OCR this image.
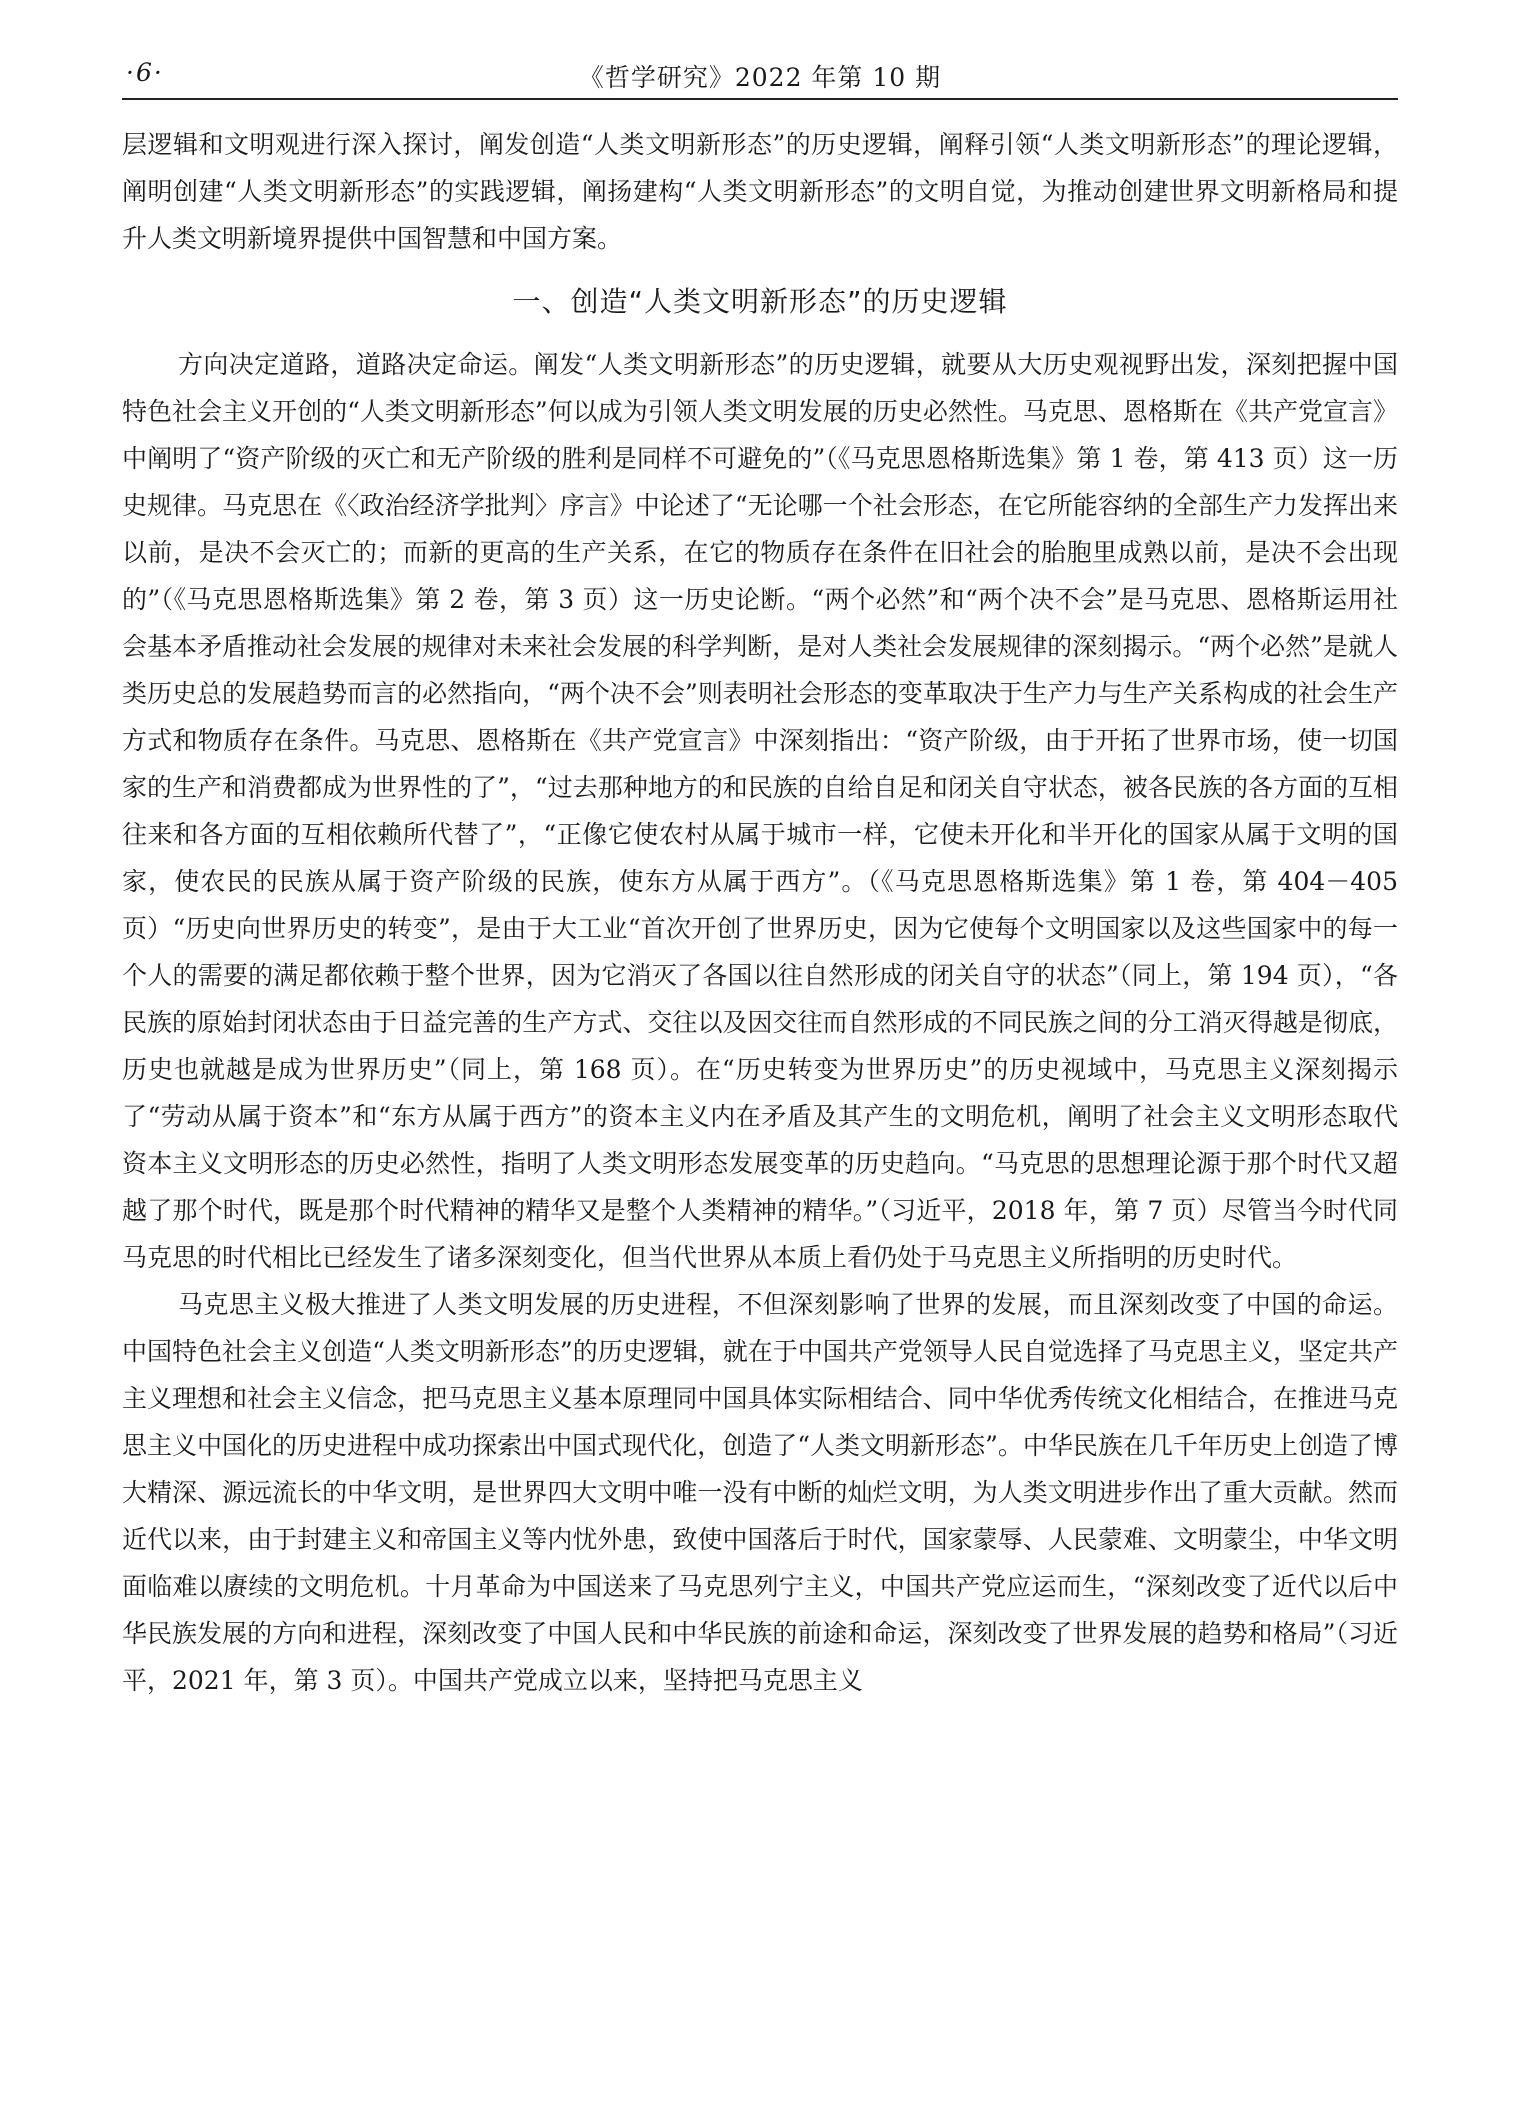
·6·	《哲学研究》2022 年第 10 期

层逻辑和文明观进行深入探讨，阐发创造“人类文明新形态”的历史逻辑，阐释引领“人类文明新形态”的理论逻辑，阐明创建“人类文明新形态”的实践逻辑，阐扬建构“人类文明新形态”的文明自觉，为推动创建世界文明新格局和提升人类文明新境界提供中国智慧和中国方案。

一、创造“人类文明新形态”的历史逻辑

方向决定道路，道路决定命运。阐发“人类文明新形态”的历史逻辑，就要从大历史观视野出发，深刻把握中国特色社会主义开创的“人类文明新形态”何以成为引领人类文明发展的历史必然性。马克思、恩格斯在《共产党宣言》中阐明了“资产阶级的灭亡和无产阶级的胜利是同样不可避免的”（《马克思恩格斯选集》第 1 卷，第 413 页）这一历史规律。马克思在《〈政治经济学批判〉序言》中论述了“无论哪一个社会形态，在它所能容纳的全部生产力发挥出来以前，是决不会灭亡的；而新的更高的生产关系，在它的物质存在条件在旧社会的胎胞里成熟以前，是决不会出现的”（《马克思恩格斯选集》第 2 卷，第 3 页）这一历史论断。“两个必然”和“两个决不会”是马克思、恩格斯运用社会基本矛盾推动社会发展的规律对未来社会发展的科学判断，是对人类社会发展规律的深刻揭示。“两个必然”是就人类历史总的发展趋势而言的必然指向，“两个决不会”则表明社会形态的变革取决于生产力与生产关系构成的社会生产方式和物质存在条件。马克思、恩格斯在《共产党宣言》中深刻指出：“资产阶级，由于开拓了世界市场，使一切国家的生产和消费都成为世界性的了”，“过去那种地方的和民族的自给自足和闭关自守状态，被各民族的各方面的互相往来和各方面的互相依赖所代替了”，“正像它使农村从属于城市一样，它使未开化和半开化的国家从属于文明的国家，使农民的民族从属于资产阶级的民族，使东方从属于西方”。（《马克思恩格斯选集》第 1 卷，第 404－405 页）“历史向世界历史的转变”，是由于大工业“首次开创了世界历史，因为它使每个文明国家以及这些国家中的每一个人的需要的满足都依赖于整个世界，因为它消灭了各国以往自然形成的闭关自守的状态”（同上，第 194 页），“各民族的原始封闭状态由于日益完善的生产方式、交往以及因交往而自然形成的不同民族之间的分工消灭得越是彻底，历史也就越是成为世界历史”（同上，第 168 页）。在“历史转变为世界历史”的历史视域中，马克思主义深刻揭示了“劳动从属于资本”和“东方从属于西方”的资本主义内在矛盾及其产生的文明危机，阐明了社会主义文明形态取代资本主义文明形态的历史必然性，指明了人类文明形态发展变革的历史趋向。“马克思的思想理论源于那个时代又超越了那个时代，既是那个时代精神的精华又是整个人类精神的精华。”（习近平，2018 年，第 7 页）尽管当今时代同马克思的时代相比已经发生了诸多深刻变化，但当代世界从本质上看仍处于马克思主义所指明的历史时代。

马克思主义极大推进了人类文明发展的历史进程，不但深刻影响了世界的发展，而且深刻改变了中国的命运。中国特色社会主义创造“人类文明新形态”的历史逻辑，就在于中国共产党领导人民自觉选择了马克思主义，坚定共产主义理想和社会主义信念，把马克思主义基本原理同中国具体实际相结合、同中华优秀传统文化相结合，在推进马克思主义中国化的历史进程中成功探索出中国式现代化，创造了“人类文明新形态”。中华民族在几千年历史上创造了博大精深、源远流长的中华文明，是世界四大文明中唯一没有中断的灿烂文明，为人类文明进步作出了重大贡献。然而近代以来，由于封建主义和帝国主义等内忧外患，致使中国落后于时代，国家蒙辱、人民蒙难、文明蒙尘，中华文明面临难以赓续的文明危机。十月革命为中国送来了马克思列宁主义，中国共产党应运而生，“深刻改变了近代以后中华民族发展的方向和进程，深刻改变了中国人民和中华民族的前途和命运，深刻改变了世界发展的趋势和格局”（习近平，2021 年，第 3 页）。中国共产党成立以来，坚持把马克思主义
